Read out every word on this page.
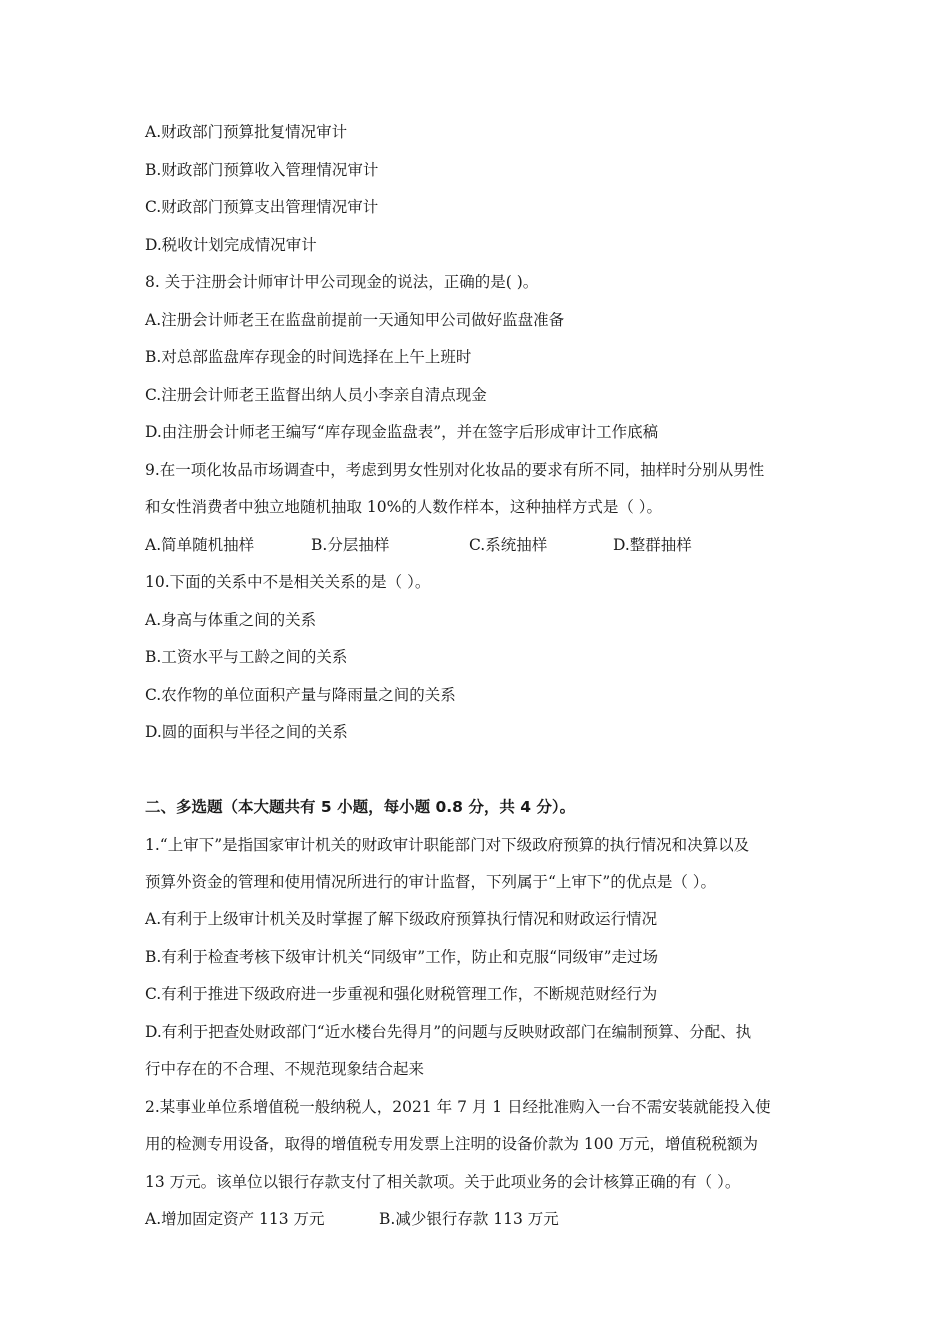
A.财政部门预算批复情况审计
B.财政部门预算收入管理情况审计
C.财政部门预算支出管理情况审计
D.税收计划完成情况审计
8. 关于注册会计师审计甲公司现金的说法，正确的是( )。
A.注册会计师老王在监盘前提前一天通知甲公司做好监盘准备
B.对总部监盘库存现金的时间选择在上午上班时
C.注册会计师老王监督出纳人员小李亲自清点现金
D.由注册会计师老王编写“库存现金监盘表”，并在签字后形成审计工作底稿
9.在一项化妆品市场调查中，考虑到男女性别对化妆品的要求有所不同，抽样时分别从男性
和女性消费者中独立地随机抽取 10%的人数作样本，这种抽样方式是（ ）。
A.简单随机抽样	B.分层抽样	C.系统抽样	D.整群抽样
10.下面的关系中不是相关关系的是（ ）。
A.身高与体重之间的关系
B.工资水平与工龄之间的关系
C.农作物的单位面积产量与降雨量之间的关系
D.圆的面积与半径之间的关系
二、多选题（本大题共有 5 小题，每小题 0.8 分，共 4 分）。
1.“上审下”是指国家审计机关的财政审计职能部门对下级政府预算的执行情况和决算以及
预算外资金的管理和使用情况所进行的审计监督，下列属于“上审下”的优点是（ ）。
A.有利于上级审计机关及时掌握了解下级政府预算执行情况和财政运行情况
B.有利于检查考核下级审计机关“同级审”工作，防止和克服“同级审”走过场
C.有利于推进下级政府进一步重视和强化财税管理工作，不断规范财经行为
D.有利于把查处财政部门“近水楼台先得月”的问题与反映财政部门在编制预算、分配、执
行中存在的不合理、不规范现象结合起来
2.某事业单位系增值税一般纳税人，2021 年 7 月 1 日经批准购入一台不需安装就能投入使
用的检测专用设备，取得的增值税专用发票上注明的设备价款为 100 万元，增值税税额为
13 万元。该单位以银行存款支付了相关款项。关于此项业务的会计核算正确的有（ ）。
A.增加固定资产 113 万元	B.减少银行存款 113 万元
